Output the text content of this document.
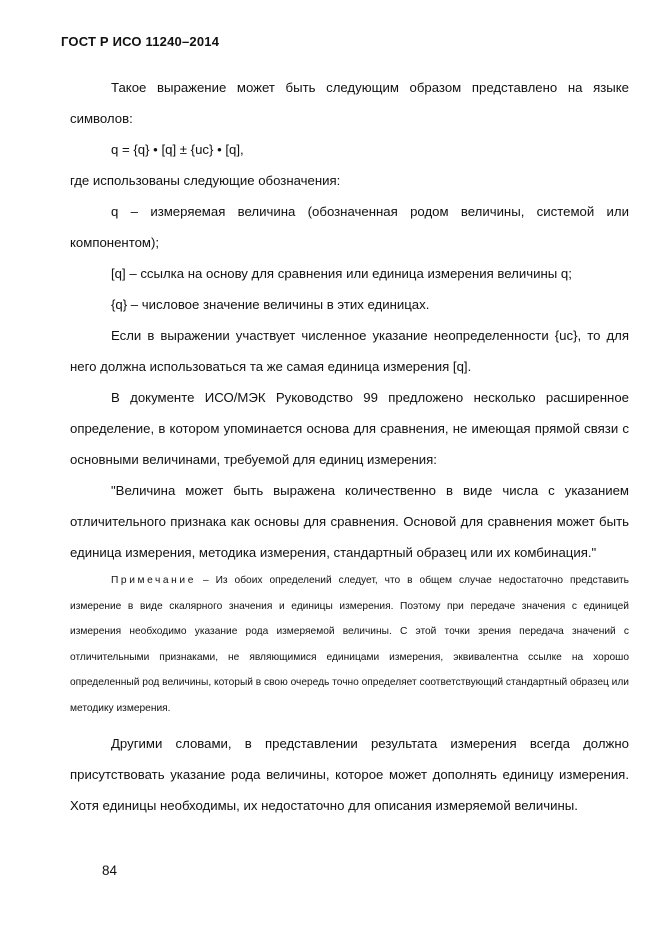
ГОСТ Р ИСО 11240–2014

Такое выражение может быть следующим образом представлено на языке символов:

q = {q} • [q] ± {uc} • [q],

где использованы следующие обозначения:

q – измеряемая величина (обозначенная родом величины, системой или компонентом);

[q] – ссылка на основу для сравнения или единица измерения величины q;

{q} – числовое значение величины в этих единицах.

Если в выражении участвует численное указание неопределенности {uc}, то для него должна использоваться та же самая единица измерения [q].

В документе ИСО/МЭК Руководство 99 предложено несколько расширенное определение, в котором упоминается основа для сравнения, не имеющая прямой связи с основными величинами, требуемой для единиц измерения:

"Величина может быть выражена количественно в виде числа с указанием отличительного признака как основы для сравнения. Основой для сравнения может быть единица измерения, методика измерения, стандартный образец или их комбинация."

Примечание – Из обоих определений следует, что в общем случае недостаточно представить измерение в виде скалярного значения и единицы измерения. Поэтому при передаче значения с единицей измерения необходимо указание рода измеряемой величины. С этой точки зрения передача значений с отличительными признаками, не являющимися единицами измерения, эквивалентна ссылке на хорошо определенный род величины, который в свою очередь точно определяет соответствующий стандартный образец или методику измерения.

Другими словами, в представлении результата измерения всегда должно присутствовать указание рода величины, которое может дополнять единицу измерения. Хотя единицы необходимы, их недостаточно для описания измеряемой величины.

84
